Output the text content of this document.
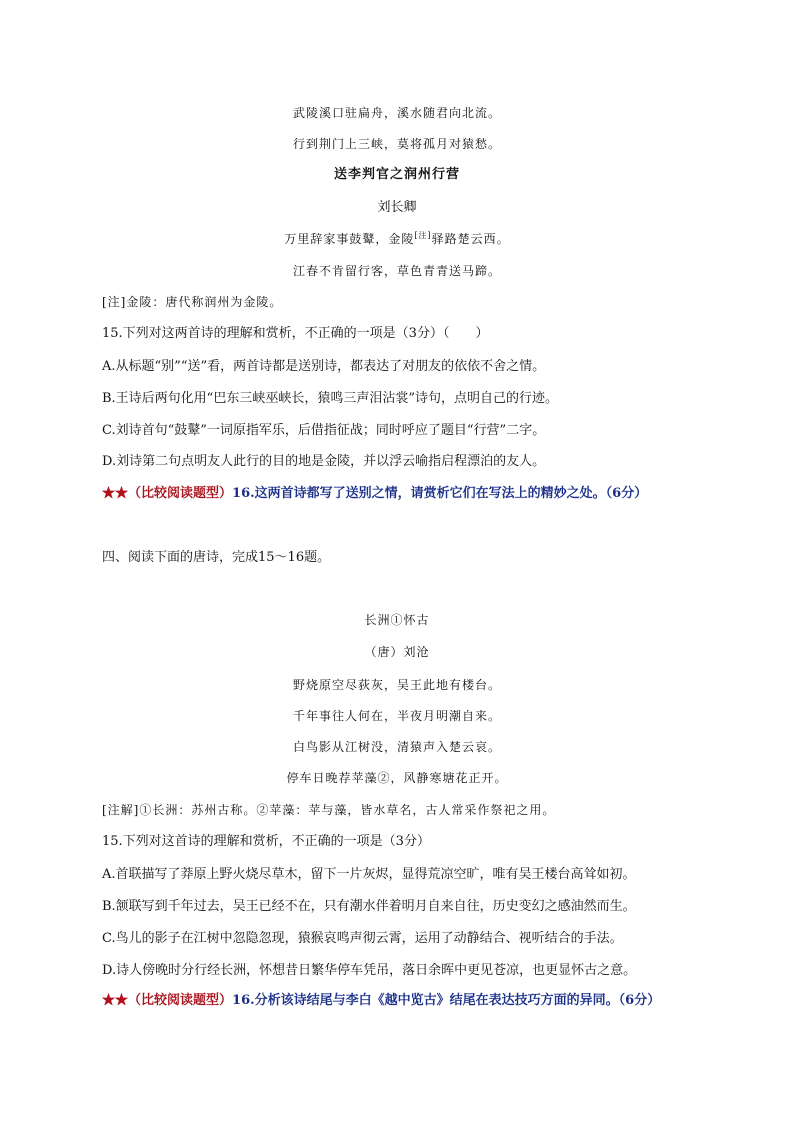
武陵溪口驻扁舟，溪水随君向北流。
行到荆门上三峡，莫将孤月对猿愁。
送李判官之润州行营
刘长卿
万里辞家事鼓鼙，金陵[注]驿路楚云西。
江春不肯留行客，草色青青送马蹄。
[注]金陵：唐代称润州为金陵。
15.下列对这两首诗的理解和赏析，不正确的一项是（3分）（　　）
A.从标题“别”“送”看，两首诗都是送别诗，都表达了对朋友的依依不舍之情。
B.王诗后两句化用“巴东三峡巫峡长，猿鸣三声泪沾裳”诗句，点明自己的行迹。
C.刘诗首句“鼓鼙”一词原指军乐，后借指征战；同时呼应了题目“行营”二字。
D.刘诗第二句点明友人此行的目的地是金陵，并以浮云喻指启程漂泊的友人。
★★（比较阅读题型）16.这两首诗都写了送别之情，请赏析它们在写法上的精妙之处。（6分）
四、阅读下面的唐诗，完成15～16题。
长洲①怀古
（唐）刘沧
野烧原空尽荻灰，吴王此地有楼台。
千年事往人何在，半夜月明潮自来。
白鸟影从江树没，清猿声入楚云哀。
停车日晚荐苹藻②，风静寒塘花正开。
[注解]①长洲：苏州古称。②苹藻：苹与藻，皆水草名，古人常采作祭祀之用。
15.下列对这首诗的理解和赏析，不正确的一项是（3分）
A.首联描写了莽原上野火烧尽草木，留下一片灰烬，显得荒凉空旷，唯有吴王楼台高耸如初。
B.颔联写到千年过去，吴王已经不在，只有潮水伴着明月自来自往，历史变幻之感油然而生。
C.鸟儿的影子在江树中忽隐忽现，猿猴哀鸣声彻云霄，运用了动静结合、视听结合的手法。
D.诗人傍晚时分行经长洲，怀想昔日繁华停车凭吊，落日余晖中更见苍凉，也更显怀古之意。
★★（比较阅读题型）16.分析该诗结尾与李白《越中览古》结尾在表达技巧方面的异同。（6分）
